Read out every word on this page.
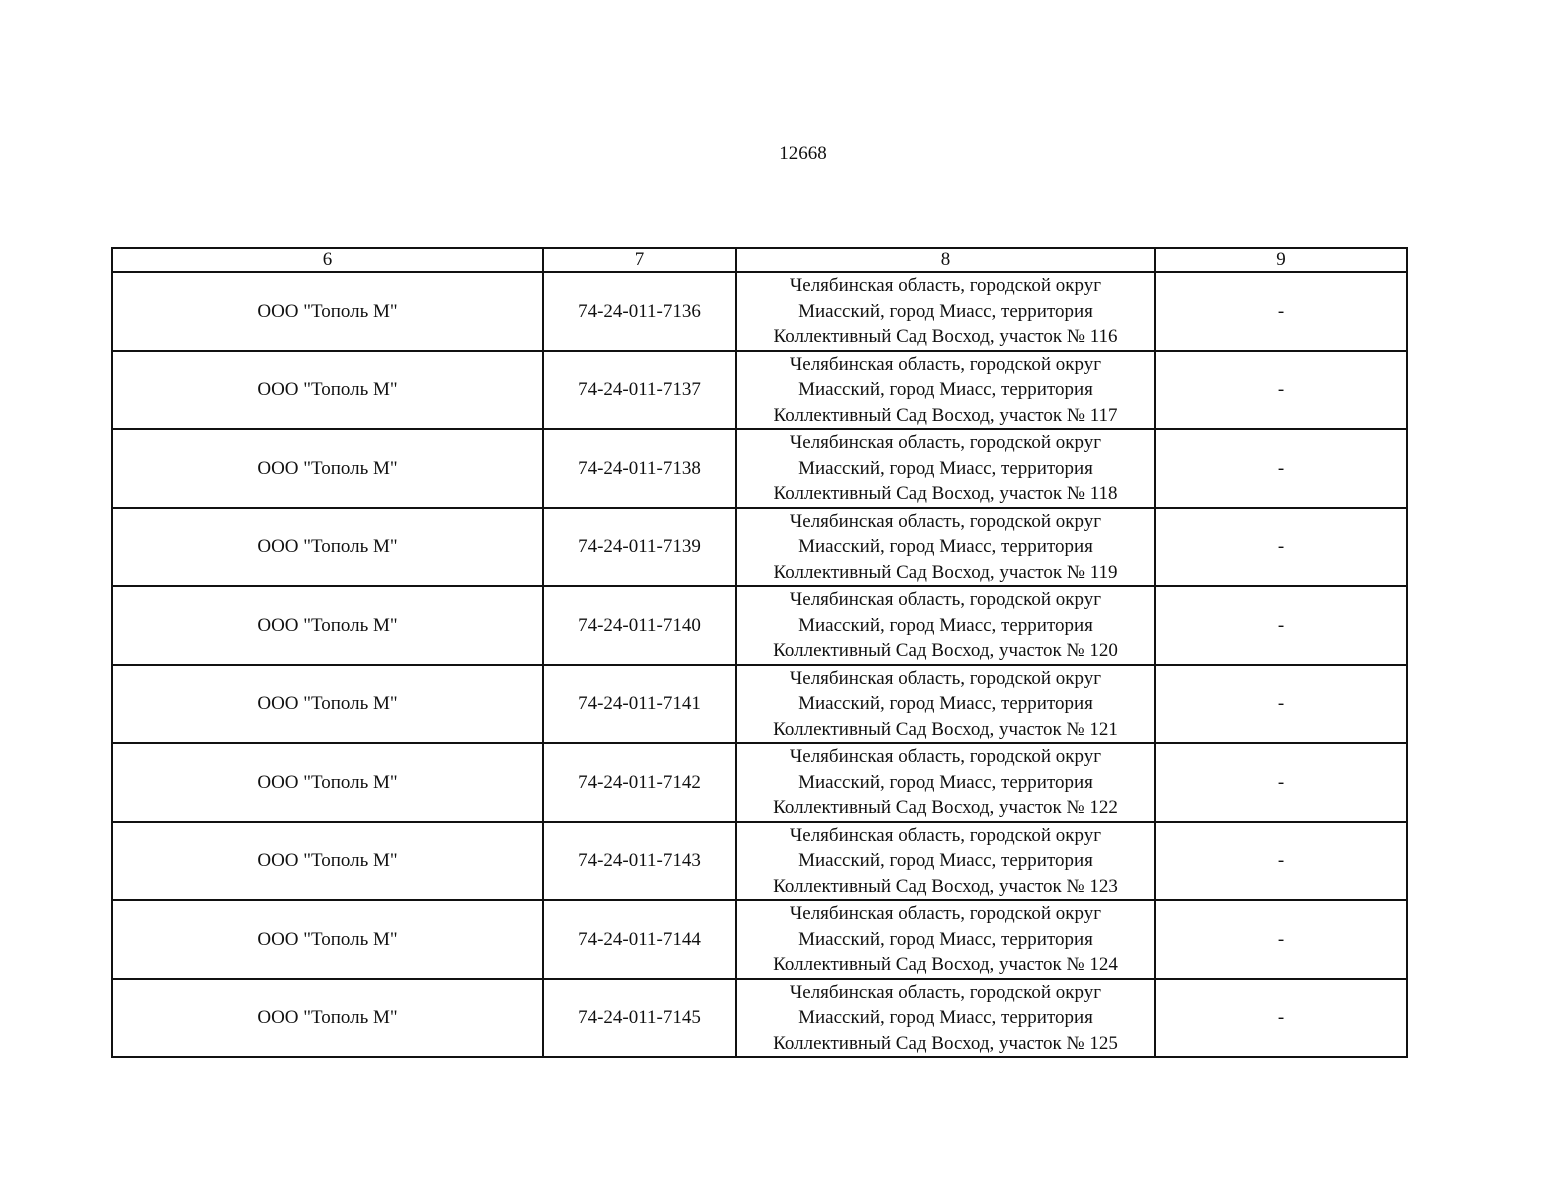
12668
6	7	8	9
ООО "Тополь М"	74-24-011-7136	Челябинская область, городской округ
Миасский, город Миасс, территория
Коллективный Сад Восход, участок № 116	-
ООО "Тополь М"	74-24-011-7137	Челябинская область, городской округ
Миасский, город Миасс, территория
Коллективный Сад Восход, участок № 117	-
ООО "Тополь М"	74-24-011-7138	Челябинская область, городской округ
Миасский, город Миасс, территория
Коллективный Сад Восход, участок № 118	-
ООО "Тополь М"	74-24-011-7139	Челябинская область, городской округ
Миасский, город Миасс, территория
Коллективный Сад Восход, участок № 119	-
ООО "Тополь М"	74-24-011-7140	Челябинская область, городской округ
Миасский, город Миасс, территория
Коллективный Сад Восход, участок № 120	-
ООО "Тополь М"	74-24-011-7141	Челябинская область, городской округ
Миасский, город Миасс, территория
Коллективный Сад Восход, участок № 121	-
ООО "Тополь М"	74-24-011-7142	Челябинская область, городской округ
Миасский, город Миасс, территория
Коллективный Сад Восход, участок № 122	-
ООО "Тополь М"	74-24-011-7143	Челябинская область, городской округ
Миасский, город Миасс, территория
Коллективный Сад Восход, участок № 123	-
ООО "Тополь М"	74-24-011-7144	Челябинская область, городской округ
Миасский, город Миасс, территория
Коллективный Сад Восход, участок № 124	-
ООО "Тополь М"	74-24-011-7145	Челябинская область, городской округ
Миасский, город Миасс, территория
Коллективный Сад Восход, участок № 125	-
